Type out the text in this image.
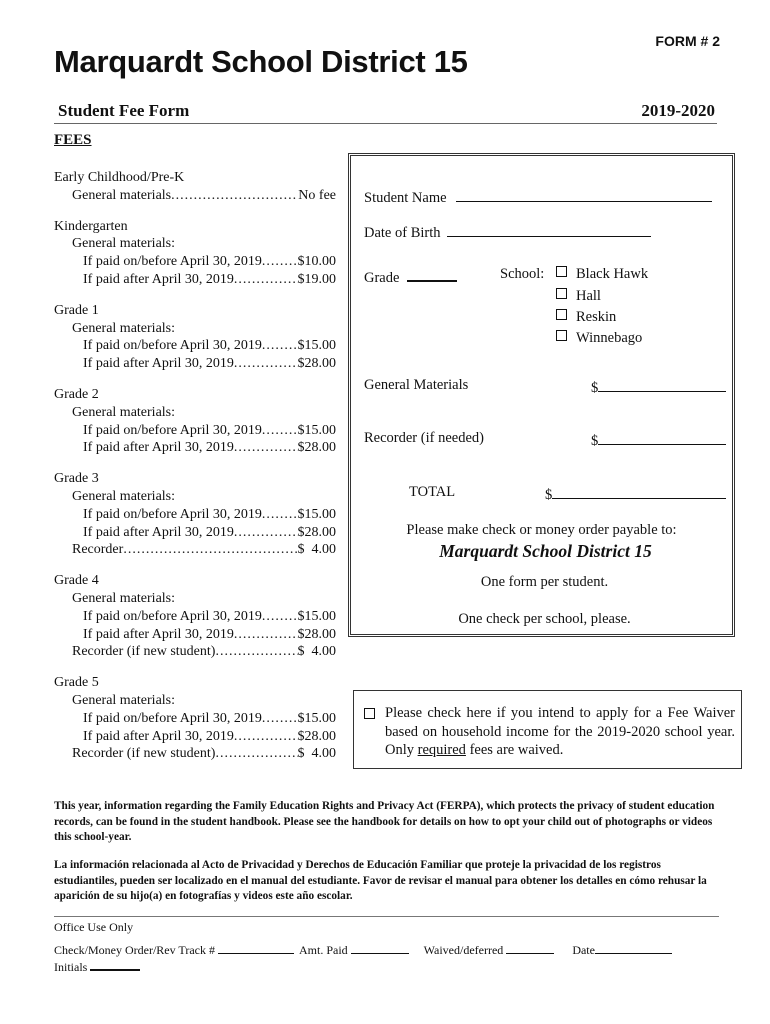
FORM # 2
Marquardt School District 15
Student Fee Form	2019-2020
FEES
Early Childhood/Pre-K
General materials .....	No fee
Kindergarten
General materials:
If paid on/before April 30, 2019 .....	$10.00
If paid after April 30, 2019 .....	$19.00
Grade 1
General materials:
If paid on/before April 30, 2019 .....	$15.00
If paid after April 30, 2019 .....	$28.00
Grade 2
General materials:
If paid on/before April 30, 2019 .....	$15.00
If paid after April 30, 2019 .....	$28.00
Grade 3
General materials:
If paid on/before April 30, 2019 .....	$15.00
If paid after April 30, 2019 .....	$28.00
Recorder .....	$  4.00
Grade 4
General materials:
If paid on/before April 30, 2019 .....	$15.00
If paid after April 30, 2019 .....	$28.00
Recorder (if new student) .....	$  4.00
Grade 5
General materials:
If paid on/before April 30, 2019 .....	$15.00
If paid after April 30, 2019 .....	$28.00
Recorder (if new student) .....	$  4.00
Student Name
Date of Birth
Grade	School:	Black Hawk
Hall
Reskin
Winnebago
General Materials	$
Recorder (if needed)	$
TOTAL	$
Please make check or money order payable to:
Marquardt School District 15
One form per student.
One check per school, please.
Please check here if you intend to apply for a Fee Waiver based on household income for the 2019-2020 school year. Only required fees are waived.
This year, information regarding the Family Education Rights and Privacy Act (FERPA), which protects the privacy of student education records, can be found in the student handbook. Please see the handbook for details on how to opt your child out of photographs or videos this school-year.
La información relacionada al Acto de Privacidad y Derechos de Educación Familiar que proteje la privacidad de los registros estudiantiles, pueden ser localizado en el manual del estudiante. Favor de revisar el manual para obtener los detalles en cómo rehusar la aparición de su hijo(a) en fotografías y videos este año escolar.
Office Use Only
Check/Money Order/Rev Track #	Amt. Paid	Waived/deferred	Date
Initials
